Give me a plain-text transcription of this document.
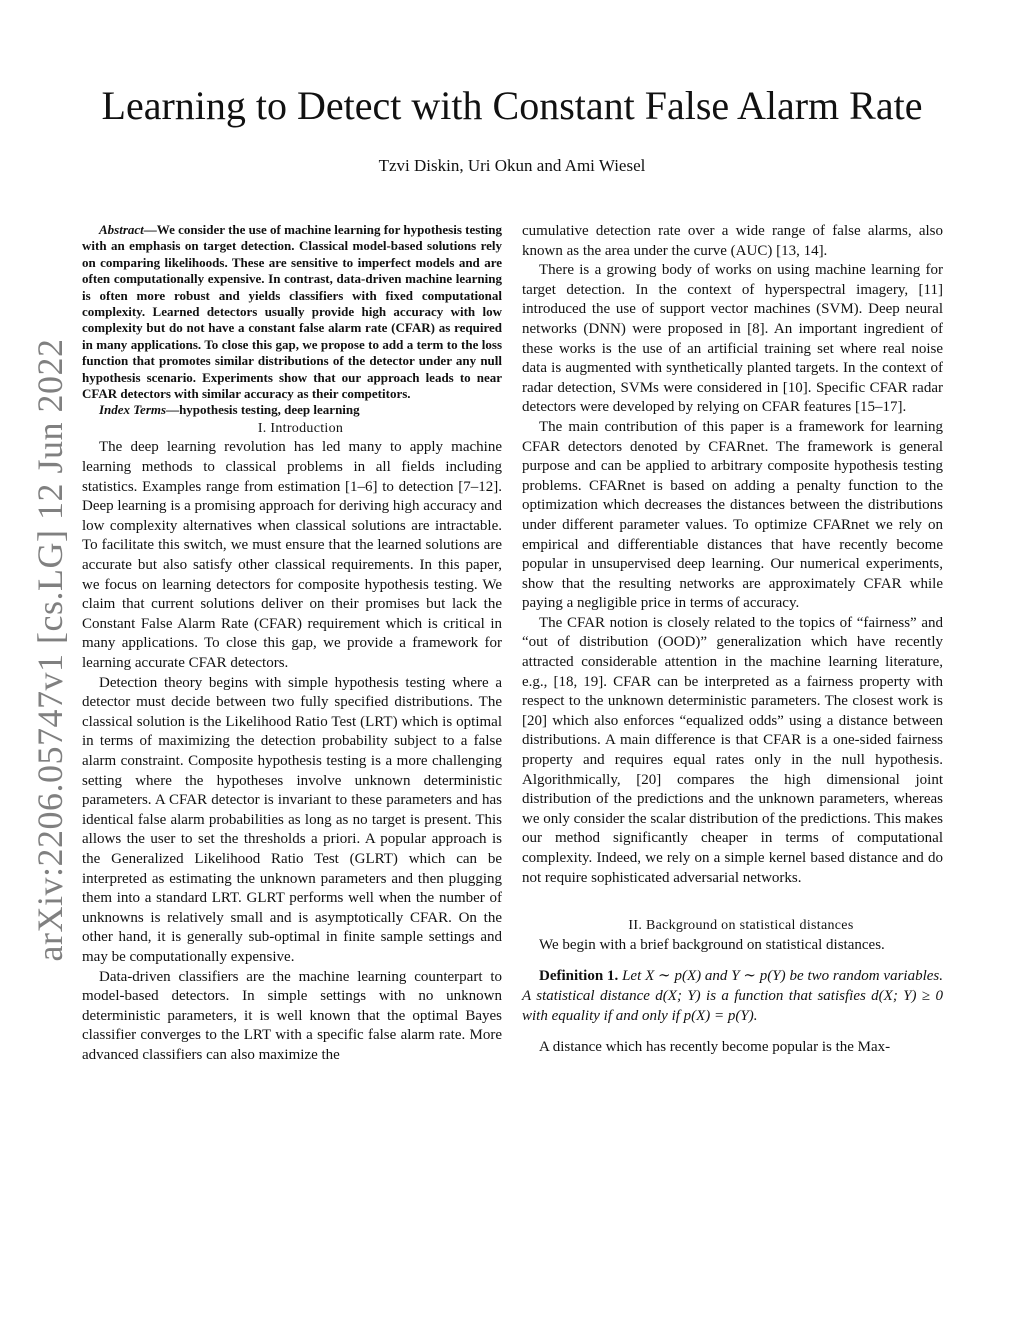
arXiv:2206.05747v1 [cs.LG] 12 Jun 2022
Learning to Detect with Constant False Alarm Rate

Tzvi Diskin, Uri Okun and Ami Wiesel

Abstract—We consider the use of machine learning for hypothesis testing with an emphasis on target detection. Classical model-based solutions rely on comparing likelihoods. These are sensitive to imperfect models and are often computationally expensive. In contrast, data-driven machine learning is often more robust and yields classifiers with fixed computational complexity. Learned detectors usually provide high accuracy with low complexity but do not have a constant false alarm rate (CFAR) as required in many applications. To close this gap, we propose to add a term to the loss function that promotes similar distributions of the detector under any null hypothesis scenario. Experiments show that our approach leads to near CFAR detectors with similar accuracy as their competitors.

Index Terms—hypothesis testing, deep learning

I. Introduction

The deep learning revolution has led many to apply machine learning methods to classical problems in all fields including statistics. Examples range from estimation [1–6] to detection [7–12]. Deep learning is a promising approach for deriving high accuracy and low complexity alternatives when classical solutions are intractable. To facilitate this switch, we must ensure that the learned solutions are accurate but also satisfy other classical requirements. In this paper, we focus on learning detectors for composite hypothesis testing. We claim that current solutions deliver on their promises but lack the Constant False Alarm Rate (CFAR) requirement which is critical in many applications. To close this gap, we provide a framework for learning accurate CFAR detectors.

Detection theory begins with simple hypothesis testing where a detector must decide between two fully specified distributions. The classical solution is the Likelihood Ratio Test (LRT) which is optimal in terms of maximizing the detection probability subject to a false alarm constraint. Composite hypothesis testing is a more challenging setting where the hypotheses involve unknown deterministic parameters. A CFAR detector is invariant to these parameters and has identical false alarm probabilities as long as no target is present. This allows the user to set the thresholds a priori. A popular approach is the Generalized Likelihood Ratio Test (GLRT) which can be interpreted as estimating the unknown parameters and then plugging them into a standard LRT. GLRT performs well when the number of unknowns is relatively small and is asymptotically CFAR. On the other hand, it is generally sub-optimal in finite sample settings and may be computationally expensive.

Data-driven classifiers are the machine learning counterpart to model-based detectors. In simple settings with no unknown deterministic parameters, it is well known that the optimal Bayes classifier converges to the LRT with a specific false alarm rate. More advanced classifiers can also maximize the

cumulative detection rate over a wide range of false alarms, also known as the area under the curve (AUC) [13, 14].

There is a growing body of works on using machine learning for target detection. In the context of hyperspectral imagery, [11] introduced the use of support vector machines (SVM). Deep neural networks (DNN) were proposed in [8]. An important ingredient of these works is the use of an artificial training set where real noise data is augmented with synthetically planted targets. In the context of radar detection, SVMs were considered in [10]. Specific CFAR radar detectors were developed by relying on CFAR features [15–17].

The main contribution of this paper is a framework for learning CFAR detectors denoted by CFARnet. The framework is general purpose and can be applied to arbitrary composite hypothesis testing problems. CFARnet is based on adding a penalty function to the optimization which decreases the distances between the distributions under different parameter values. To optimize CFARnet we rely on empirical and differentiable distances that have recently become popular in unsupervised deep learning. Our numerical experiments, show that the resulting networks are approximately CFAR while paying a negligible price in terms of accuracy.

The CFAR notion is closely related to the topics of “fairness” and “out of distribution (OOD)” generalization which have recently attracted considerable attention in the machine learning literature, e.g., [18, 19]. CFAR can be interpreted as a fairness property with respect to the unknown deterministic parameters. The closest work is [20] which also enforces “equalized odds” using a distance between distributions. A main difference is that CFAR is a one-sided fairness property and requires equal rates only in the null hypothesis. Algorithmically, [20] compares the high dimensional joint distribution of the predictions and the unknown parameters, whereas we only consider the scalar distribution of the predictions. This makes our method significantly cheaper in terms of computational complexity. Indeed, we rely on a simple kernel based distance and do not require sophisticated adversarial networks.

II. Background on statistical distances

We begin with a brief background on statistical distances.

Definition 1. Let X ∼ p(X) and Y ∼ p(Y) be two random variables. A statistical distance d(X; Y) is a function that satisfies d(X; Y) ≥ 0 with equality if and only if p(X) = p(Y).

A distance which has recently become popular is the Max-
